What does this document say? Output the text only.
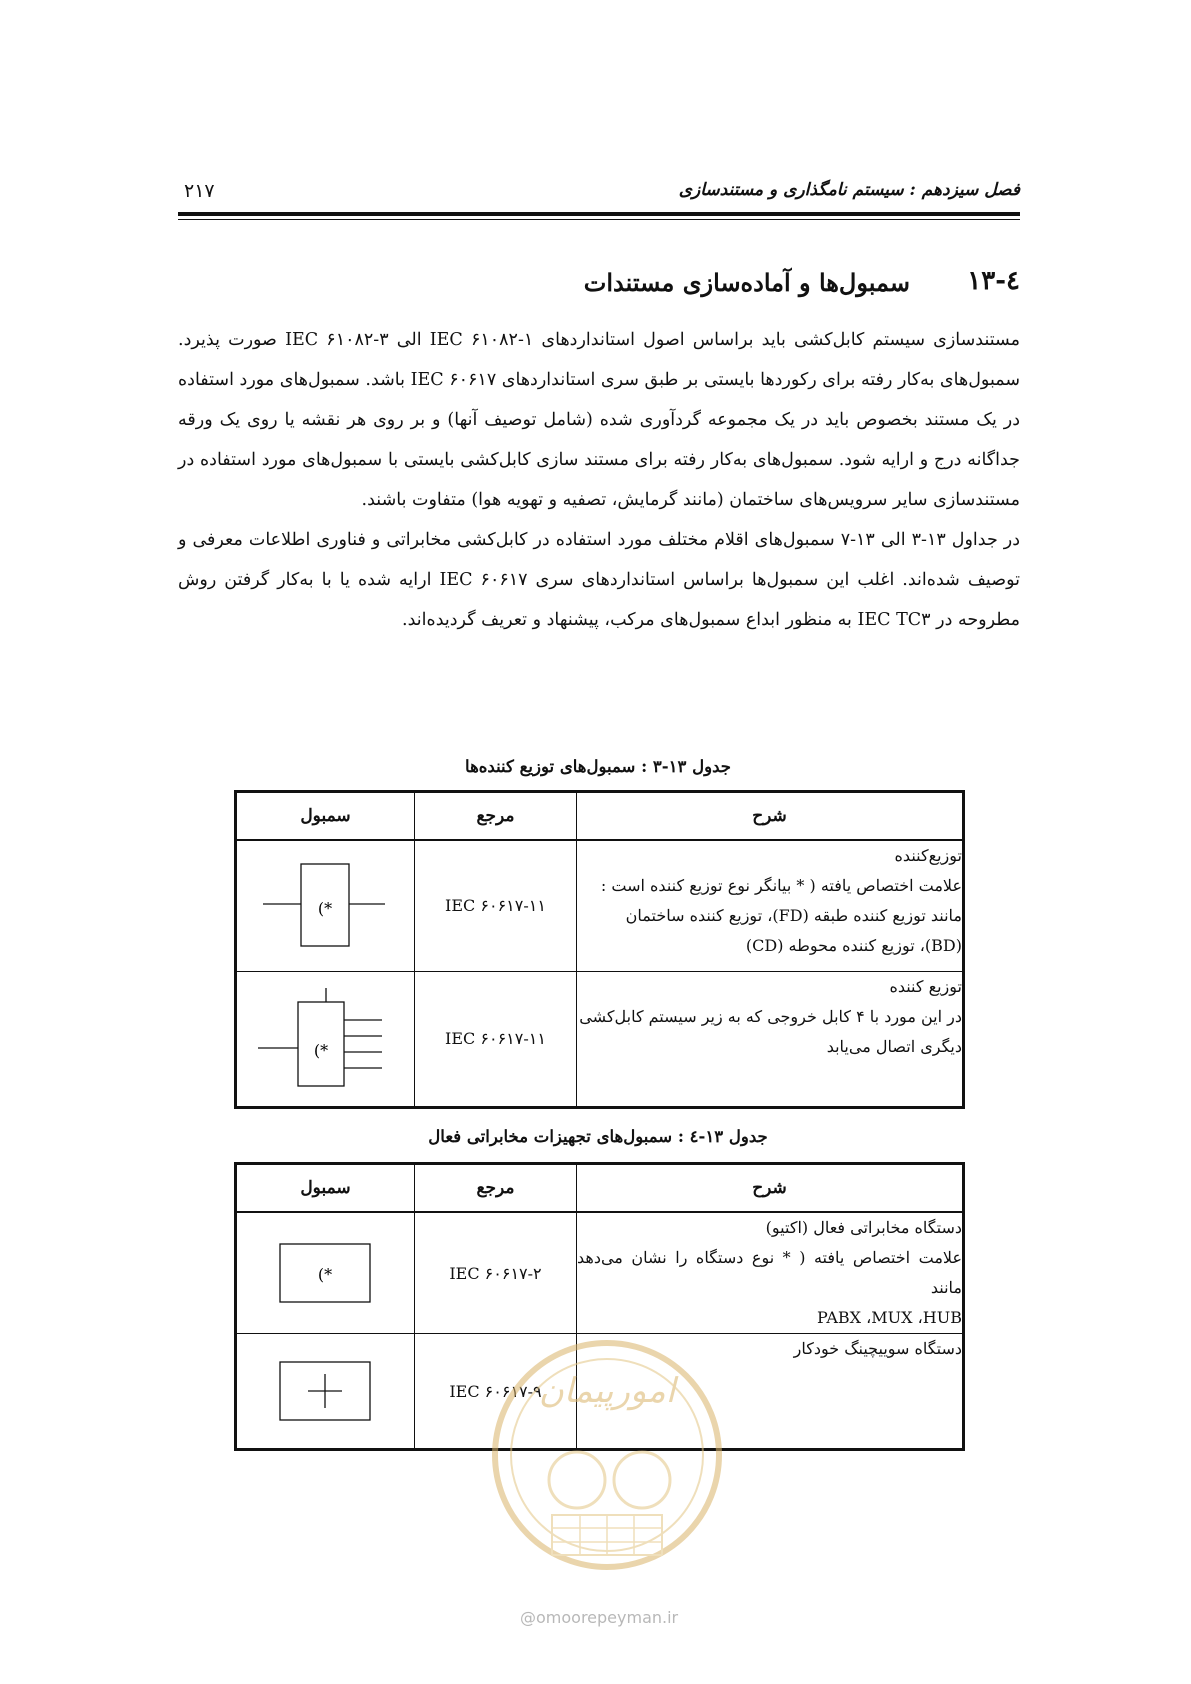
۲۱۷	فصل سیزدهم : سیستم نامگذاری و مستندسازی
۱۳-٤
سمبول‌ها و آماده‌سازی مستندات

مستندسازی سیستم کابل‌کشی باید براساس اصول استانداردهای IEC ۶۱۰۸۲-۱ الی IEC ۶۱۰۸۲-۳ صورت پذیرد. سمبول‌های به‌کار رفته برای رکوردها بایستی بر طبق سری استانداردهای IEC ۶۰۶۱۷ باشد. سمبول‌های مورد استفاده در یک مستند بخصوص باید در یک مجموعه گردآوری شده (شامل توصیف آنها) و بر روی هر نقشه یا روی یک ورقه جداگانه درج و ارایه شود. سمبول‌های به‌کار رفته برای مستند سازی کابل‌کشی بایستی با سمبول‌های مورد استفاده در مستندسازی سایر سرویس‌های ساختمان (مانند گرمایش، تصفیه و تهویه هوا) متفاوت باشند.

در جداول ۱۳-۳ الی ۱۳-۷ سمبول‌های اقلام مختلف مورد استفاده در کابل‌کشی مخابراتی و فناوری اطلاعات معرفی و توصیف شده‌اند. اغلب این سمبول‌ها براساس استانداردهای سری IEC ۶۰۶۱۷ ارایه شده یا با به‌کار گرفتن روش مطروحه در IEC TC۳ به منظور ابداع سمبول‌های مرکب، پیشنهاد و تعریف گردیده‌اند.

جدول ۱۳-۳ : سمبول‌های توزیع کننده‌ها
شرح	مرجع	سمبول

توزیع‌کننده
علامت اختصاص یافته ( * بیانگر نوع توزیع کننده است :
مانند توزیع کننده طبقه (FD)، توزیع کننده ساختمان
(BD)، توزیع کننده محوطه (CD)	IEC ۶۰۶۱۷-۱۱	*)

توزیع کننده
در این مورد با ۴ کابل خروجی که به زیر سیستم کابل‌کشی
دیگری اتصال می‌یابد	IEC ۶۰۶۱۷-۱۱	*)
جدول ۱۳-٤ : سمبول‌های تجهیزات مخابراتی فعال
شرح	مرجع	سمبول

دستگاه مخابراتی فعال (اکتیو)
علامت اختصاص یافته ( * نوع دستگاه را نشان می‌دهد مانند
PABX ،MUX ،HUB	IEC ۶۰۶۱۷-۲	*)

دستگاه سوییچینگ خودکار	IEC ۶۰۶۱۷-۹	
امورپیمان
@omoorepeyman.ir
